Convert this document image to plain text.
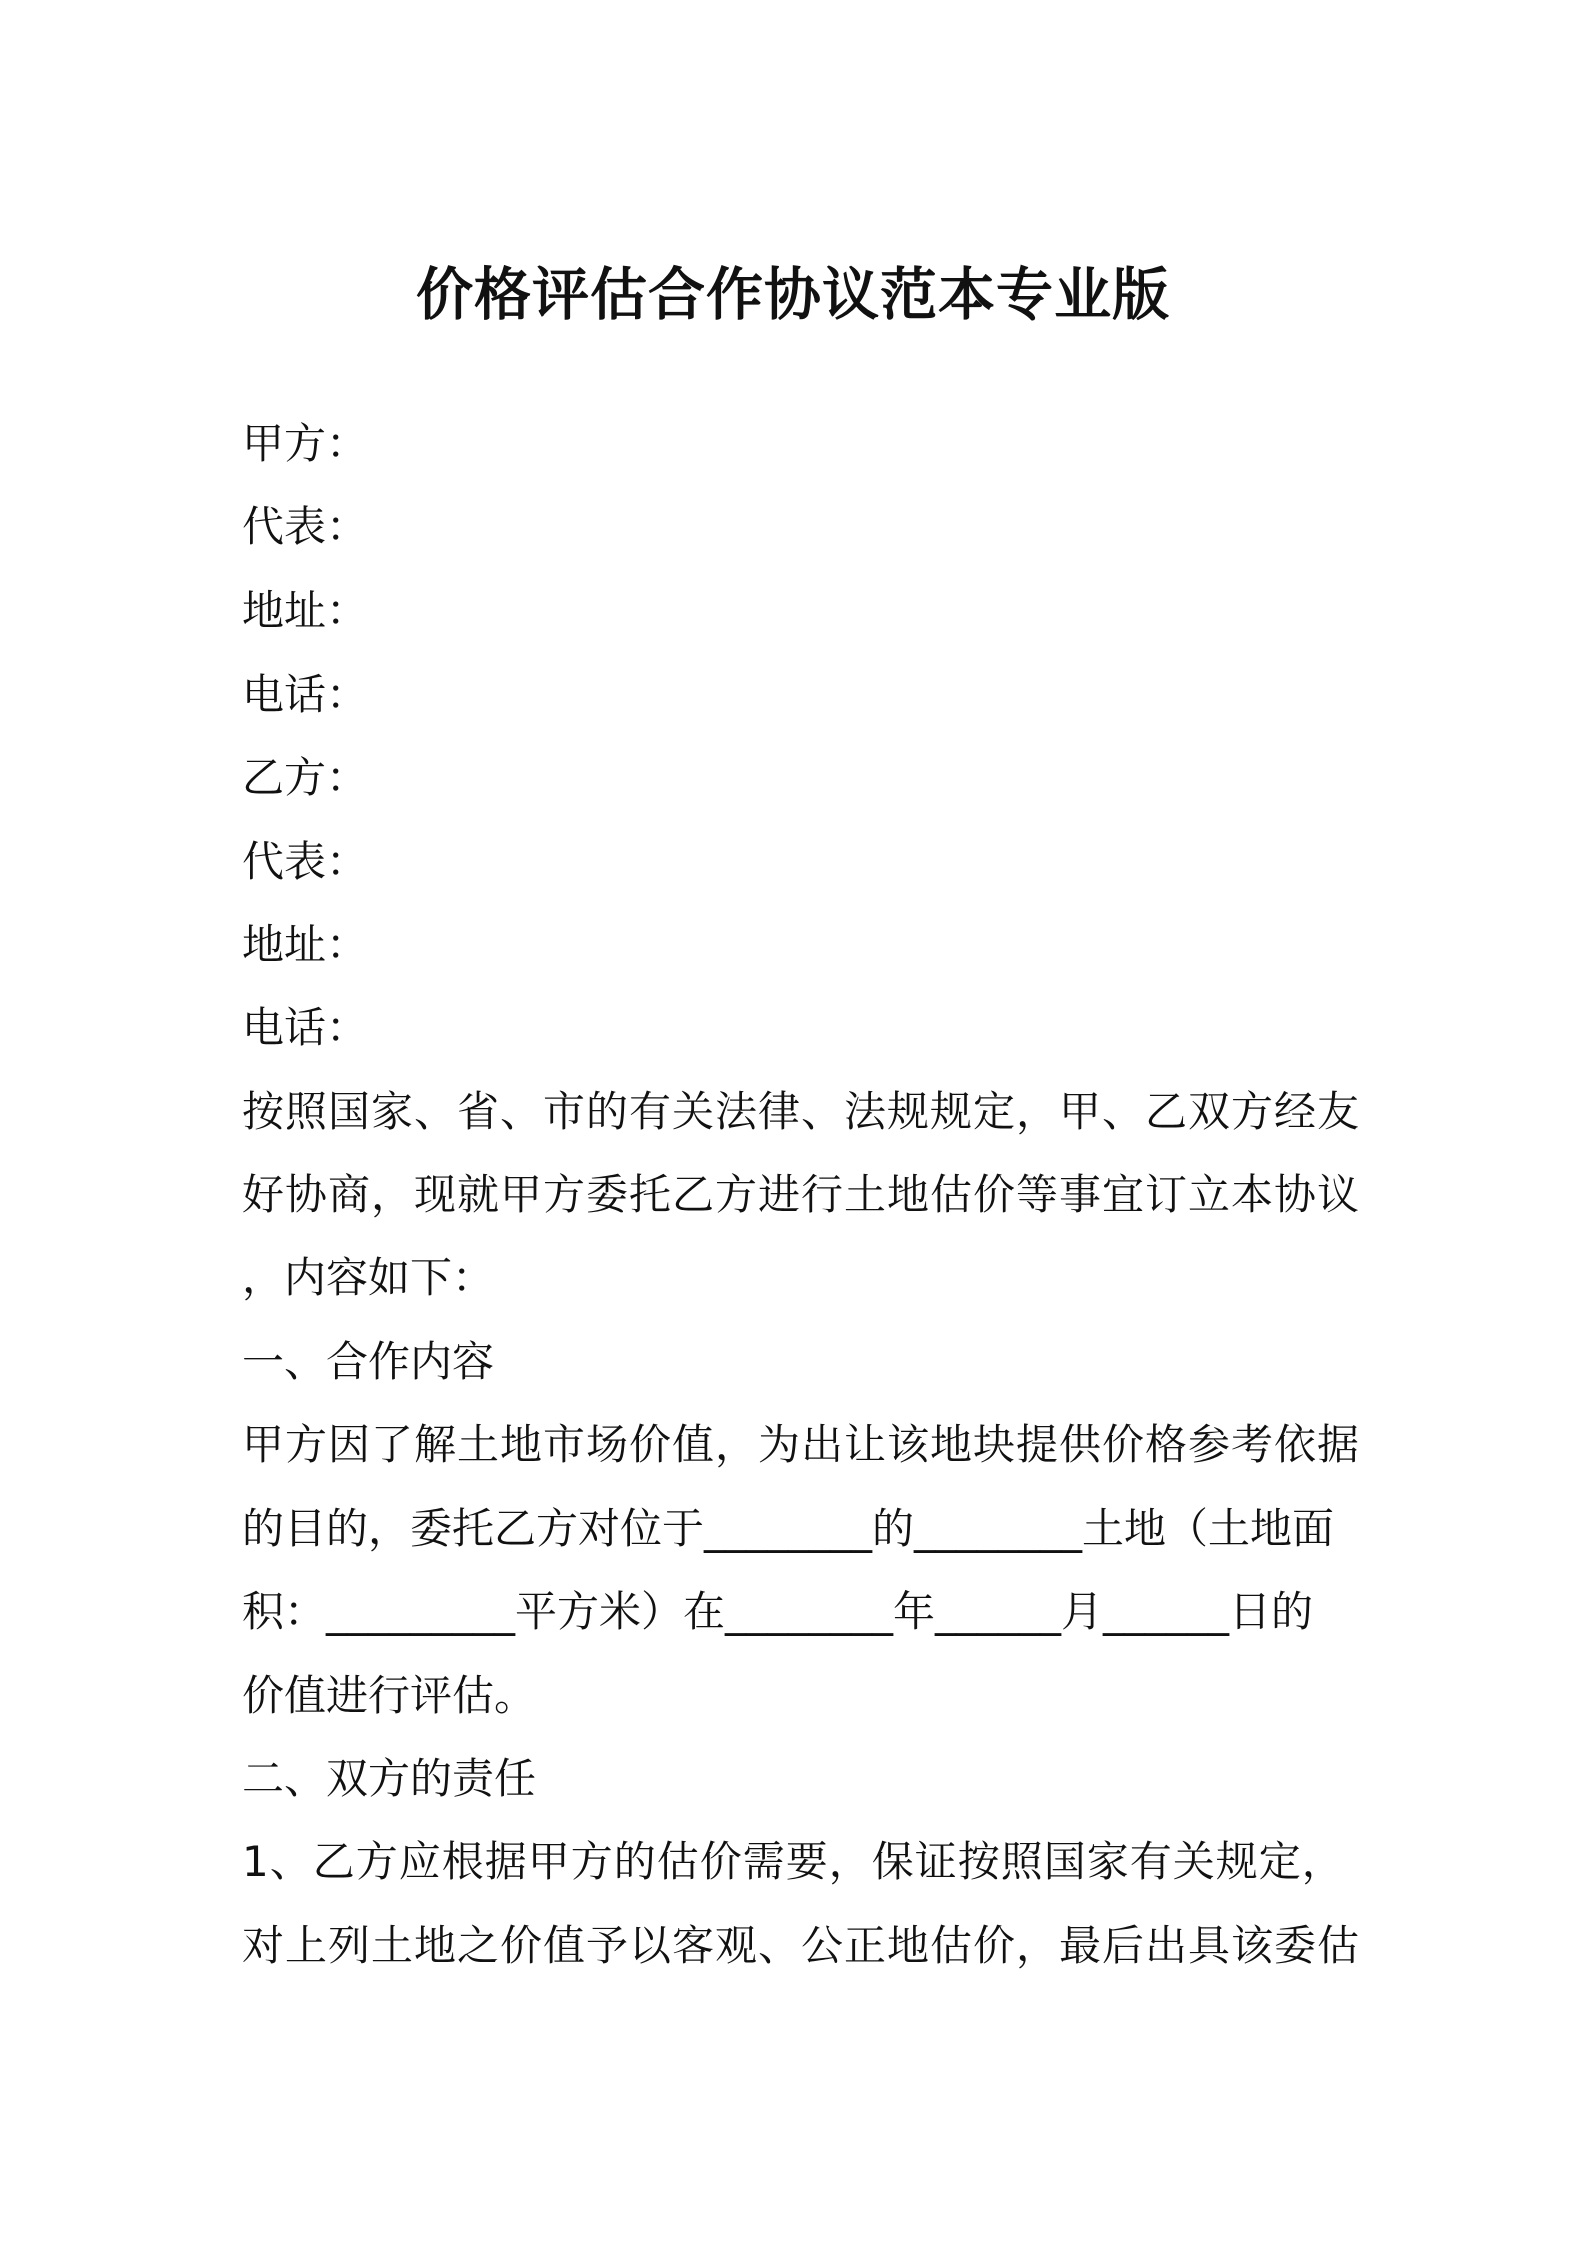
价格评估合作协议范本专业版
甲方：
代表：
地址：
电话：
乙方：
代表：
地址：
电话：
按照国家、省、市的有关法律、法规规定，甲、乙双方经友
好协商，现就甲方委托乙方进行土地估价等事宜订立本协议
，内容如下：
一、合作内容
甲方因了解土地市场价值，为出让该地块提供价格参考依据
的目的，委托乙方对位于________的________土地（土地面
积：_________平方米）在________年______月______日的
价值进行评估。
二、双方的责任
1、乙方应根据甲方的估价需要，保证按照国家有关规定，
对上列土地之价值予以客观、公正地估价，最后出具该委估
